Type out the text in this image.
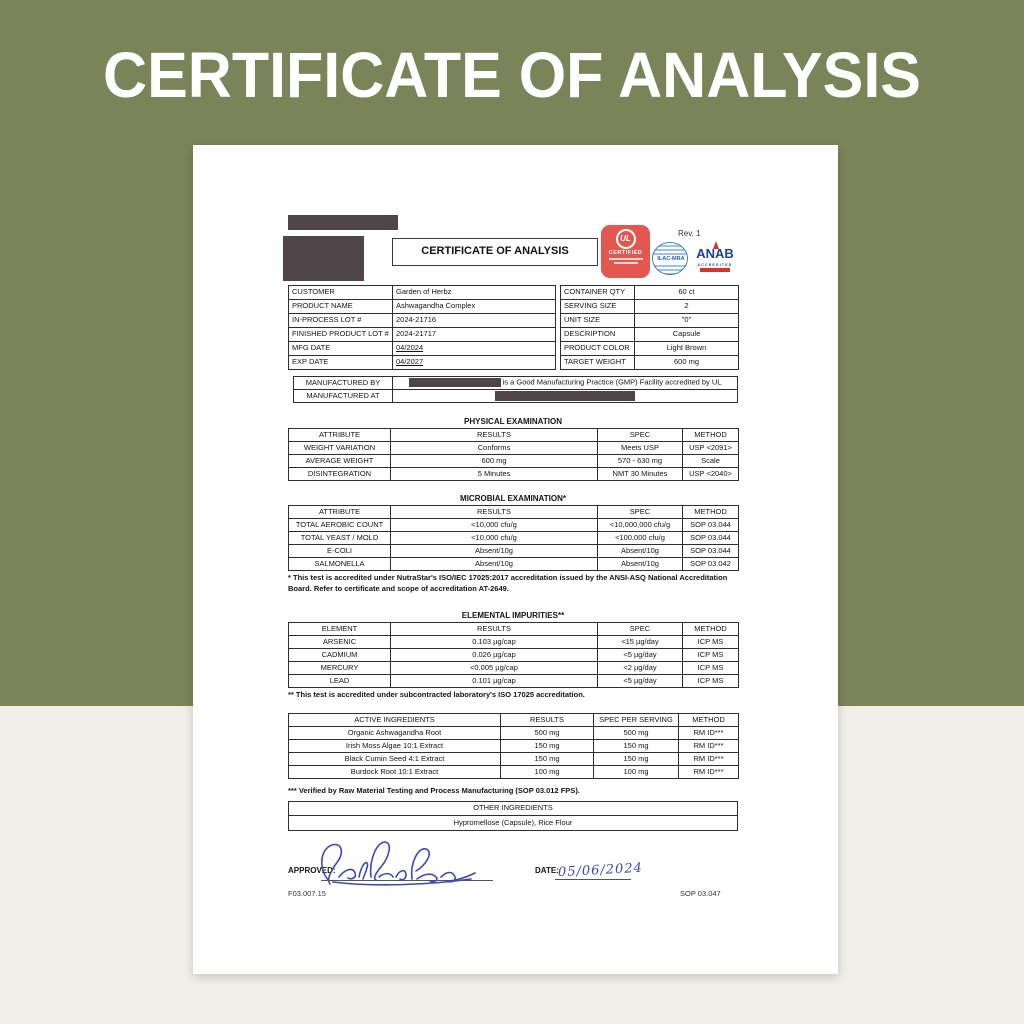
CERTIFICATE OF ANALYSIS
CERTIFICATE OF ANALYSIS
Rev. 1
UL
CERTIFIED
ILAC-MRA ANAB
ACCREDITED
CUSTOMER	Garden of Herbz
PRODUCT NAME	Ashwagandha Complex
IN-PROCESS LOT #	2024-21716
FINISHED PRODUCT LOT #	2024-21717
MFG DATE	04/2024
EXP DATE	04/2027
CONTAINER QTY	60 ct
SERVING SIZE	2
UNIT SIZE	"0"
DESCRIPTION	Capsule
PRODUCT COLOR	Light Brown
TARGET WEIGHT	600 mg
MANUFACTURED BY	is a Good Manufacturing Practice (GMP) Facility accredited by UL
MANUFACTURED AT	
PHYSICAL EXAMINATION
ATTRIBUTE	RESULTS	SPEC	METHOD
WEIGHT VARIATION	Conforms	Meets USP	USP <2091>
AVERAGE WEIGHT	600 mg	570 - 630 mg	Scale
DISINTEGRATION	5 Minutes	NMT 30 Minutes	USP <2040>
MICROBIAL EXAMINATION*
ATTRIBUTE	RESULTS	SPEC	METHOD
TOTAL AEROBIC COUNT	<10,000 cfu/g	<10,000,000 cfu/g	SOP 03.044
TOTAL YEAST / MOLD	<10,000 cfu/g	<100,000 cfu/g	SOP 03.044
E-COLI	Absent/10g	Absent/10g	SOP 03.044
SALMONELLA	Absent/10g	Absent/10g	SOP 03.042
* This test is accredited under NutraStar's ISO/IEC 17025:2017 accreditation issued by the ANSI-ASQ National Accreditation
Board. Refer to certificate and scope of accreditation AT-2649.
ELEMENTAL IMPURITIES**
ELEMENT	RESULTS	SPEC	METHOD
ARSENIC	0.103 µg/cap	<15 µg/day	ICP MS
CADMIUM	0.026 µg/cap	<5 µg/day	ICP MS
MERCURY	<0.005 µg/cap	<2 µg/day	ICP MS
LEAD	0.101 µg/cap	<5 µg/day	ICP MS
** This test is accredited under subcontracted laboratory's ISO 17025 accreditation.
ACTIVE INGREDIENTS	RESULTS	SPEC PER SERVING	METHOD
Organic Ashwagandha Root	500 mg	500 mg	RM ID***
Irish Moss Algae 10:1 Extract	150 mg	150 mg	RM ID***
Black Cumin Seed 4:1 Extract	150 mg	150 mg	RM ID***
Burdock Root 10:1 Extract	100 mg	100 mg	RM ID***
*** Verified by Raw Material Testing and Process Manufacturing (SOP 03.012 FPS).
OTHER INGREDIENTS
Hypromellose (Capsule), Rice Flour
APPROVED:	DATE:
05/06/2024
F03.007.15	SOP 03.047
